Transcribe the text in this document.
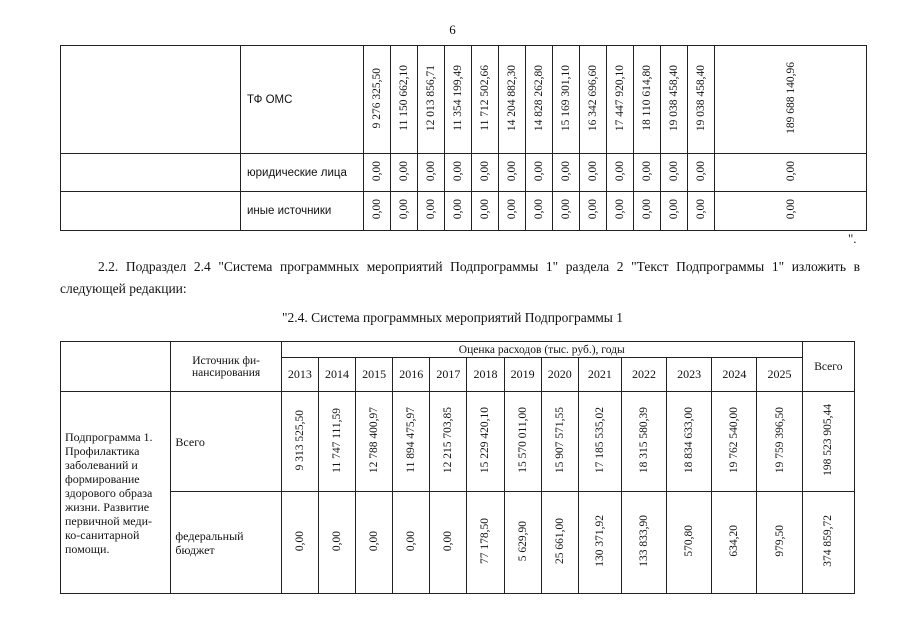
6
	ТФ ОМС	9 276 325,50	11 150 662,10	12 013 856,71	11 354 199,49	11 712 502,66	14 204 882,30	14 828 262,80	15 169 301,10	16 342 696,60	17 447 920,10	18 110 614,80	19 038 458,40	19 038 458,40	189 688 140,96
	юридические лица	0,00	0,00	0,00	0,00	0,00	0,00	0,00	0,00	0,00	0,00	0,00	0,00	0,00	0,00
	иные источники	0,00	0,00	0,00	0,00	0,00	0,00	0,00	0,00	0,00	0,00	0,00	0,00	0,00	0,00
".
2.2. Подраздел 2.4 "Система программных мероприятий Подпрограммы 1" раздела 2 "Текст Подпрограммы 1" изложить в следующей редакции:
"2.4. Система программных мероприятий Подпрограммы 1
	Источник фи-нансирования	Оценка расходов (тыс. руб.), годы													Всего
		2013	2014	2015	2016	2017	2018	2019	2020	2021	2022	2023	2024	2025	
Подпрограмма 1. Профилактика заболеваний и формирование здорового образа жизни. Развитие первичной меди-ко-санитарной помощи.	Всего	9 313 525,50	11 747 111,59	12 788 400,97	11 894 475,97	12 215 703,85	15 229 420,10	15 570 011,00	15 907 571,55	17 185 535,02	18 315 580,39	18 834 633,00	19 762 540,00	19 759 396,50	198 523 905,44
	федеральный бюджет	0,00	0,00	0,00	0,00	0,00	77 178,50	5 629,90	25 661,00	130 371,92	133 833,90	570,80	634,20	979,50	374 859,72
